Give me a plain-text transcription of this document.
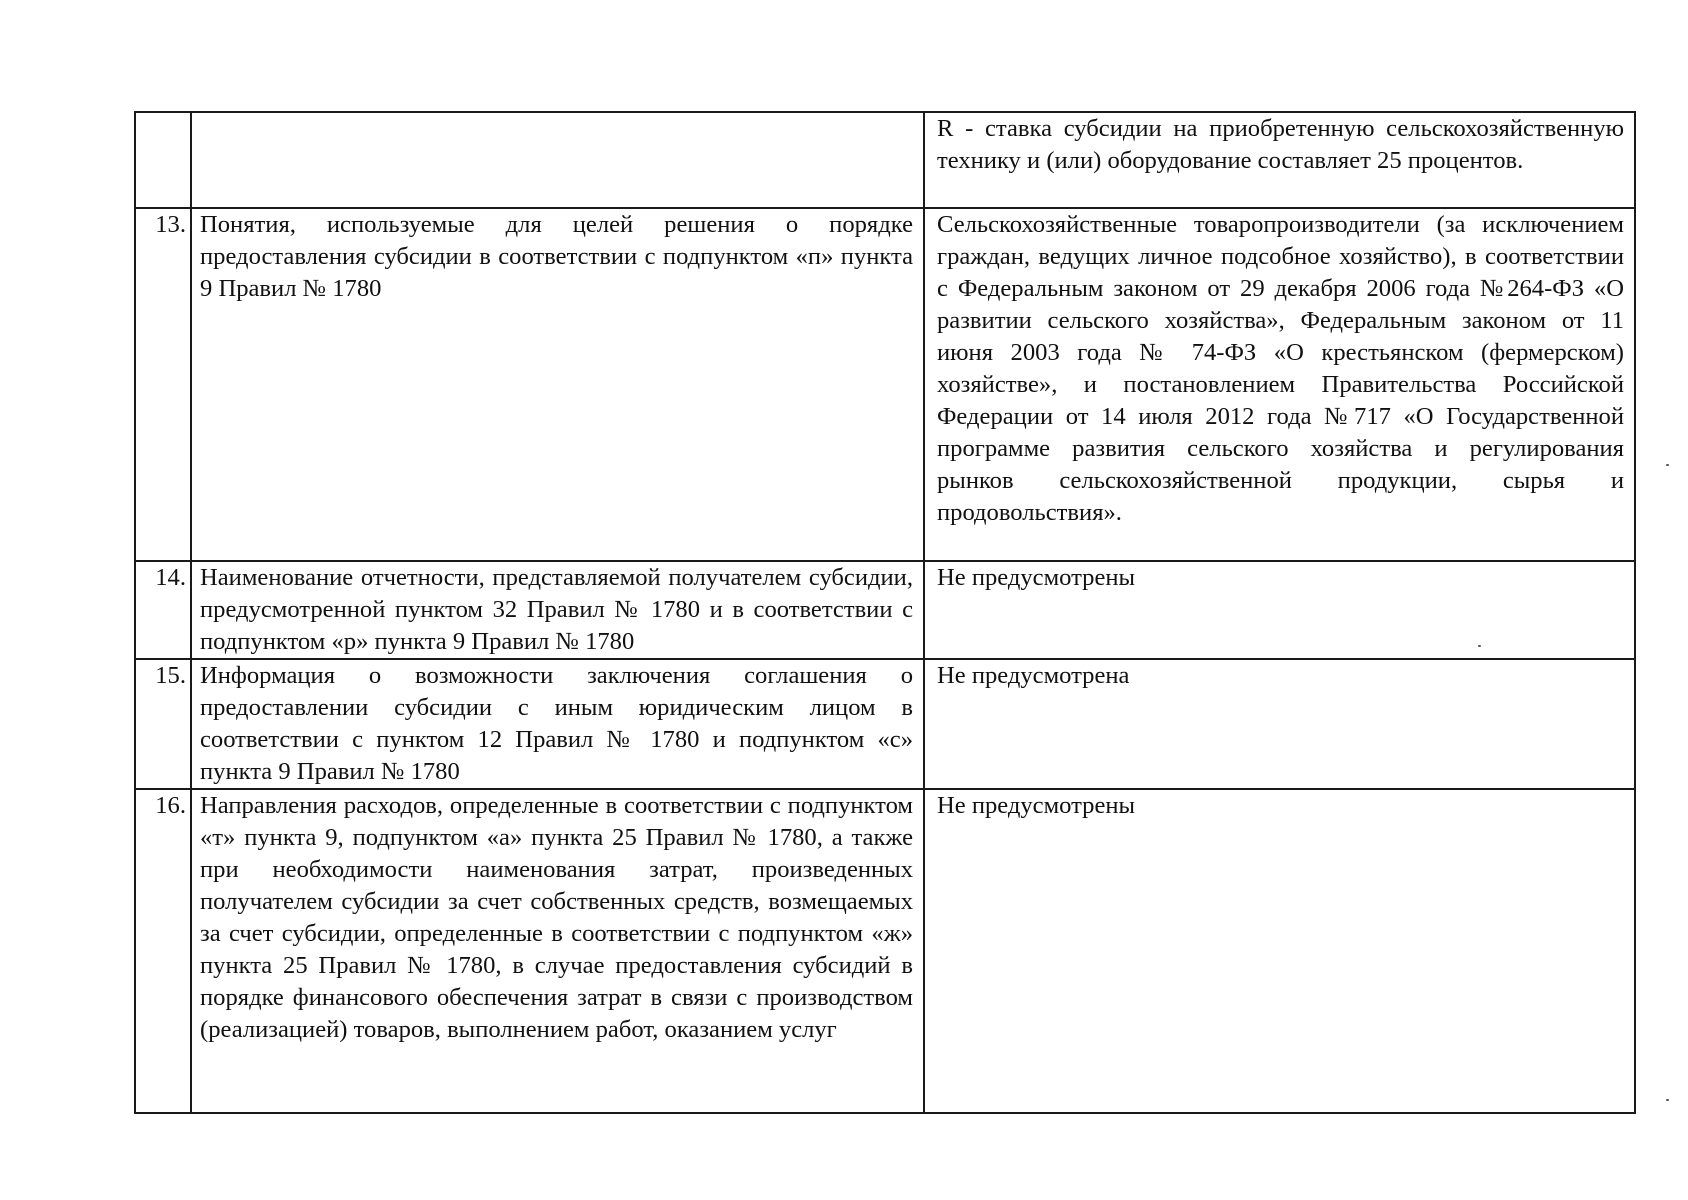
		R - ставка субсидии на приобретенную сельскохозяйственную технику и (или) оборудование составляет 25 процентов.
13.	Понятия, используемые для целей решения о порядке предоставления субсидии в соответствии с подпунктом «п» пункта 9 Правил № 1780	Сельскохозяйственные товаропроизводители (за исключением граждан, ведущих личное подсобное хозяйство), в соответствии с Федеральным законом от 29 декабря 2006 года №264-ФЗ «О развитии сельского хозяйства», Федеральным законом от 11 июня 2003 года № 74-ФЗ «О крестьянском (фермерском) хозяйстве», и постановлением Правительства Российской Федерации от 14 июля 2012 года №717 «О Государственной программе развития сельского хозяйства и регулирования рынков сельскохозяйственной продукции, сырья и продовольствия».
14.	Наименование отчетности, представляемой получателем субсидии, предусмотренной пунктом 32 Правил № 1780 и в соответствии с подпунктом «р» пункта 9 Правил № 1780	Не предусмотрены
15.	Информация о возможности заключения соглашения о предоставлении субсидии с иным юридическим лицом в соответствии с пунктом 12 Правил № 1780 и подпунктом «с» пункта 9 Правил № 1780	Не предусмотрена
16.	Направления расходов, определенные в соответствии с подпунктом «т» пункта 9, подпунктом «а» пункта 25 Правил № 1780, а также при необходимости наименования затрат, произведенных получателем субсидии за счет собственных средств, возмещаемых за счет субсидии, определенные в соответствии с подпунктом «ж» пункта 25 Правил № 1780, в случае предоставления субсидий в порядке финансового обеспечения затрат в связи с производством (реализацией) товаров, выполнением работ, оказанием услуг	Не предусмотрены
